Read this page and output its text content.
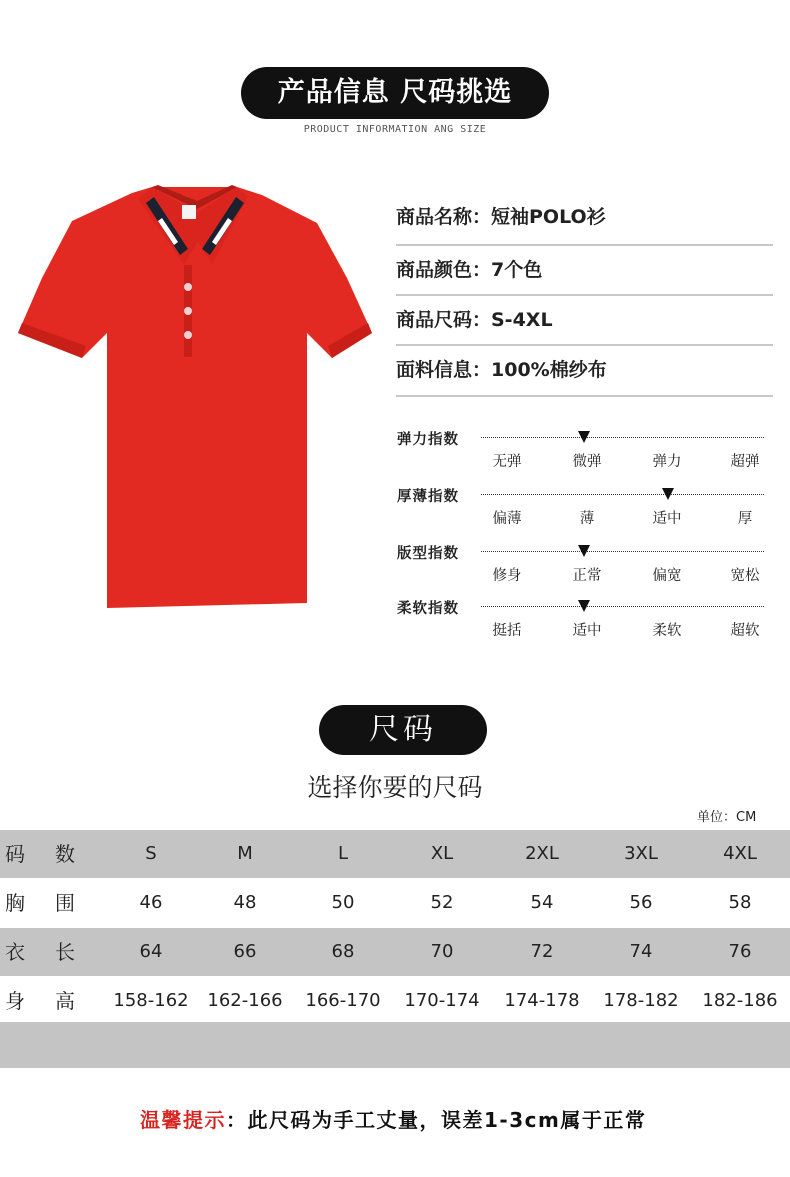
产品信息 尺码挑选
PRODUCT INFORMATION ANG SIZE
商品名称：短袖POLO衫
商品颜色：7个色
商品尺码：S-4XL
面料信息：100%棉纱布
弹力指数
无弹	微弹	弹力	超弹
厚薄指数
偏薄	薄	适中	厚
版型指数
修身	正常	偏宽	宽松
柔软指数
挺括	适中	柔软	超软
尺码
选择你要的尺码
单位：CM
码数	S	M	L	XL	2XL	3XL	4XL
胸围	46	48	50	52	54	56	58
衣长	64	66	68	70	72	74	76
身高 158-162	162-166	166-170	170-174	174-178	178-182	182-186
温馨提示：此尺码为手工丈量，误差1-3cm属于正常
